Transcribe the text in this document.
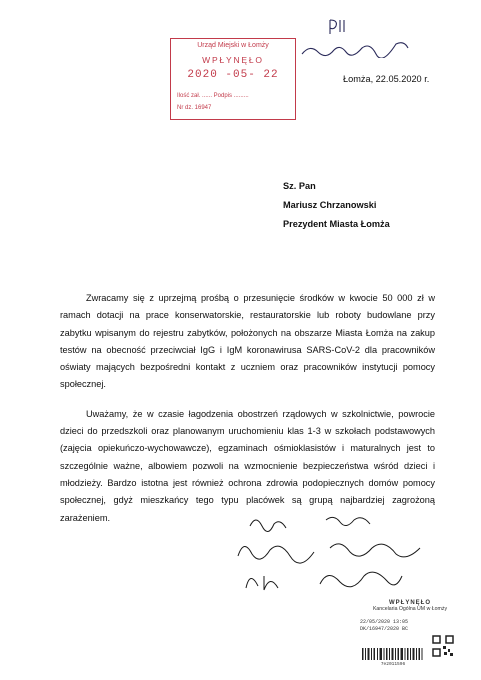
Urząd Miejski w Łomży
WPŁYNĘŁO
2020 -05- 22
Ilość zał. ...... Podpis .........
Nr dz. 16947
Łomża, 22.05.2020 r.
Sz. Pan
Mariusz Chrzanowski
Prezydent Miasta Łomża

Zwracamy się z uprzejmą prośbą o przesunięcie środków w kwocie 50 000 zł w ramach dotacji na prace konserwatorskie, restauratorskie lub roboty budowlane przy zabytku wpisanym do rejestru zabytków, położonych na obszarze Miasta Łomża na zakup testów na obecność przeciwciał IgG i IgM koronawirusa SARS-CoV-2 dla pracowników oświaty mających bezpośredni kontakt z uczniem oraz pracowników instytucji pomocy społecznej.

Uważamy, że w czasie łagodzenia obostrzeń rządowych w szkolnictwie, powrocie dzieci do przedszkoli oraz planowanym uruchomieniu klas 1-3 w szkołach podstawowych (zajęcia opiekuńczo-wychowawcze), egzaminach ośmioklasistów i maturalnych jest to szczególnie ważne, albowiem pozwoli na wzmocnienie bezpieczeństwa wśród dzieci i młodzieży. Bardzo istotna jest również ochrona zdrowia podopiecznych domów pomocy społecznej, gdyż mieszkańcy tego typu placówek są grupą najbardziej zagrożoną zarażeniem.

WPŁYNĘŁO
Kancelaria Ogólna UM w Łomży
22/05/2020 13:05
DK/16947/2020 BC
7e2011596
